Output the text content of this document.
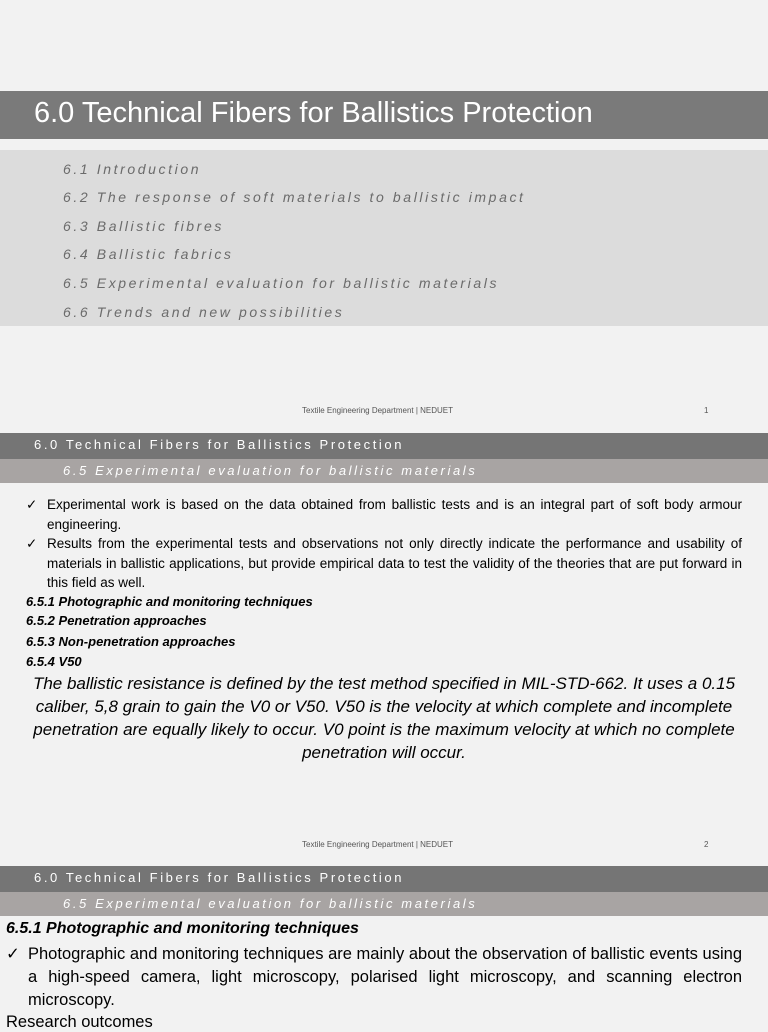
6.0 Technical Fibers for Ballistics Protection
6.1 Introduction
6.2 The response of soft materials to ballistic impact
6.3 Ballistic fibres
6.4 Ballistic fabrics
6.5 Experimental evaluation for ballistic materials
6.6 Trends and new possibilities
Textile Engineering Department | NEDUET	1
6.0 Technical Fibers for Ballistics Protection
6.5 Experimental evaluation for ballistic materials
✓ Experimental work is based on the data obtained from ballistic tests and is an integral part of soft body armour engineering.
✓ Results from the experimental tests and observations not only directly indicate the performance and usability of materials in ballistic applications, but provide empirical data to test the validity of the theories that are put forward in this field as well.
6.5.1 Photographic and monitoring techniques
6.5.2 Penetration approaches
6.5.3 Non-penetration approaches
6.5.4 V50
The ballistic resistance is defined by the test method specified in MIL-STD-662. It uses a 0.15 caliber, 5,8 grain to gain the V0 or V50. V50 is the velocity at which complete and incomplete penetration are equally likely to occur. V0 point is the maximum velocity at which no complete penetration will occur.
Textile Engineering Department | NEDUET	2
6.0 Technical Fibers for Ballistics Protection
6.5 Experimental evaluation for ballistic materials
6.5.1 Photographic and monitoring techniques
✓ Photographic and monitoring techniques are mainly about the observation of ballistic events using a high-speed camera, light microscopy, polarised light microscopy, and scanning electron microscopy.
Research outcomes
